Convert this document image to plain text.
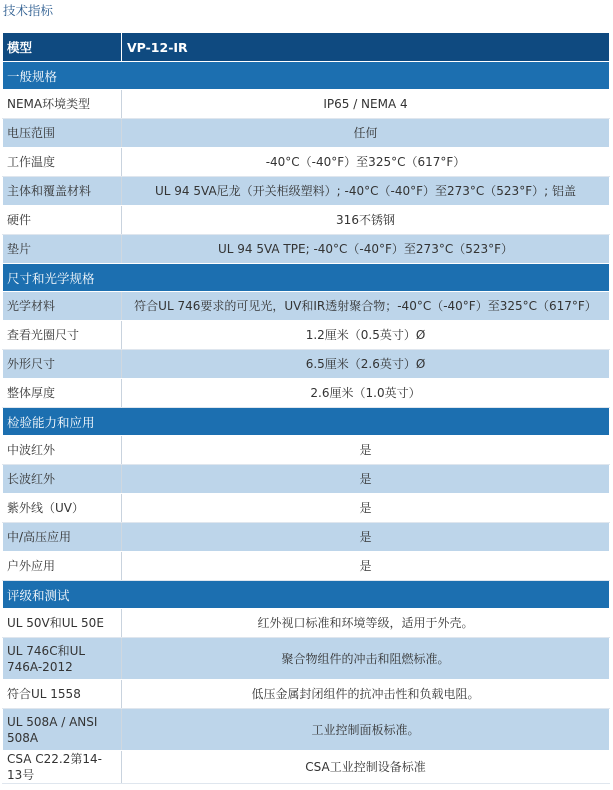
技术指标
模型	VP-12-IR
一般规格	
NEMA环境类型	IP65 / NEMA 4
电压范围	任何
工作温度	-40°C（-40°F）至325°C（617°F）
主体和覆盖材料	UL 94 5VA尼龙（开关柜级塑料）; -40°C（-40°F）至273°C（523°F）; 铝盖
硬件	316不锈钢
垫片	UL 94 5VA TPE; -40°C（-40°F）至273°C（523°F）
尺寸和光学规格	
光学材料	符合UL 746要求的可见光，UV和IR透射聚合物；-40°C（-40°F）至325°C（617°F）
查看光圈尺寸	1.2厘米（0.5英寸）Ø
外形尺寸	6.5厘米（2.6英寸）Ø
整体厚度	2.6厘米（1.0英寸）
检验能力和应用	
中波红外	是
长波红外	是
紫外线（UV）	是
中/高压应用	是
户外应用	是
评级和测试	
UL 50V和UL 50E	红外视口标准和环境等级，适用于外壳。
UL 746C和UL 746A-2012	聚合物组件的冲击和阻燃标准。
符合UL 1558	低压金属封闭组件的抗冲击性和负载电阻。
UL 508A / ANSI 508A	工业控制面板标准。
CSA C22.2第14-13号	CSA工业控制设备标准
